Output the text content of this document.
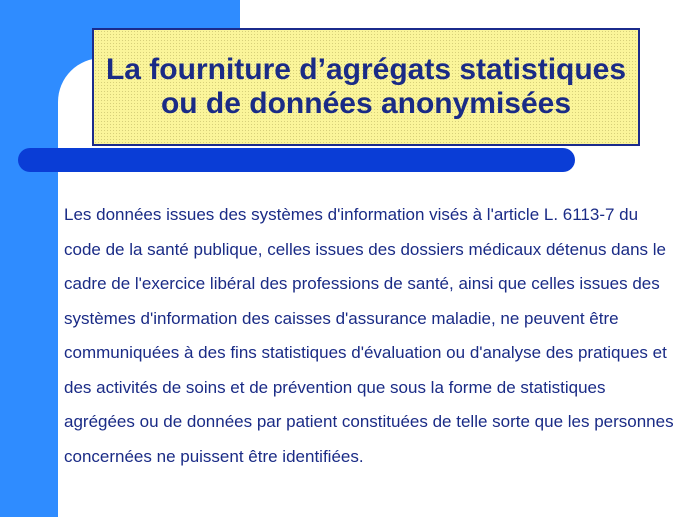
La fourniture d’agrégats statistiques ou de données anonymisées

Les données issues des systèmes d'information visés à l'article L. 6113-7 du code de la santé publique, celles issues des dossiers médicaux détenus dans le cadre de l'exercice libéral des professions de santé, ainsi que celles issues des systèmes d'information des caisses d'assurance maladie, ne peuvent être communiquées à des fins statistiques d'évaluation ou d'analyse des pratiques et des activités de soins et de prévention que sous la forme de statistiques agrégées ou de données par patient constituées de telle sorte que les personnes concernées ne puissent être identifiées.
